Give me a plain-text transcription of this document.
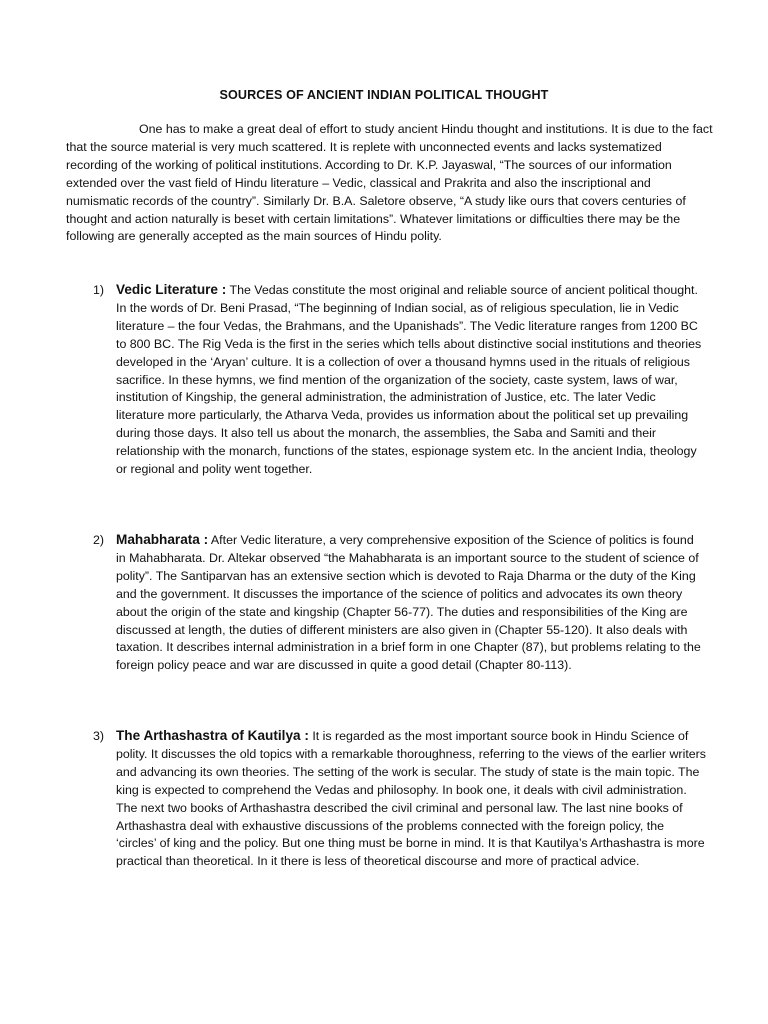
SOURCES OF ANCIENT INDIAN POLITICAL THOUGHT

One has to make a great deal of effort to study ancient Hindu thought and institutions. It is due to the fact that the source material is very much scattered. It is replete with unconnected events and lacks systematized recording of the working of political institutions. According to Dr. K.P. Jayaswal, “The sources of our information extended over the vast field of Hindu literature – Vedic, classical and Prakrita and also the inscriptional and numismatic records of the country”. Similarly Dr. B.A. Saletore observe, “A study like ours that covers centuries of thought and action naturally is beset with certain limitations”. Whatever limitations or difficulties there may be the following are generally accepted as the main sources of Hindu polity.

1) Vedic Literature : The Vedas constitute the most original and reliable source of ancient political thought. In the words of Dr. Beni Prasad, “The beginning of Indian social, as of religious speculation, lie in Vedic literature – the four Vedas, the Brahmans, and the Upanishads”. The Vedic literature ranges from 1200 BC to 800 BC. The Rig Veda is the first in the series which tells about distinctive social institutions and theories developed in the ‘Aryan’ culture. It is a collection of over a thousand hymns used in the rituals of religious sacrifice. In these hymns, we find mention of the organization of the society, caste system, laws of war, institution of Kingship, the general administration, the administration of Justice, etc. The later Vedic literature more particularly, the Atharva Veda, provides us information about the political set up prevailing during those days. It also tell us about the monarch, the assemblies, the Saba and Samiti and their relationship with the monarch, functions of the states, espionage system etc. In the ancient India, theology or regional and polity went together.

2) Mahabharata : After Vedic literature, a very comprehensive exposition of the Science of politics is found in Mahabharata. Dr. Altekar observed “the Mahabharata is an important source to the student of science of polity”. The Santiparvan has an extensive section which is devoted to Raja Dharma or the duty of the King and the government. It discusses the importance of the science of politics and advocates its own theory about the origin of the state and kingship (Chapter 56-77). The duties and responsibilities of the King are discussed at length, the duties of different ministers are also given in (Chapter 55-120). It also deals with taxation. It describes internal administration in a brief form in one Chapter (87), but problems relating to the foreign policy peace and war are discussed in quite a good detail (Chapter 80-113).

3) The Arthashastra of Kautilya : It is regarded as the most important source book in Hindu Science of polity. It discusses the old topics with a remarkable thoroughness, referring to the views of the earlier writers and advancing its own theories. The setting of the work is secular. The study of state is the main topic. The king is expected to comprehend the Vedas and philosophy. In book one, it deals with civil administration. The next two books of Arthashastra described the civil criminal and personal law. The last nine books of Arthashastra deal with exhaustive discussions of the problems connected with the foreign policy, the ‘circles’ of king and the policy. But one thing must be borne in mind. It is that Kautilya’s Arthashastra is more practical than theoretical. In it there is less of theoretical discourse and more of practical advice.
